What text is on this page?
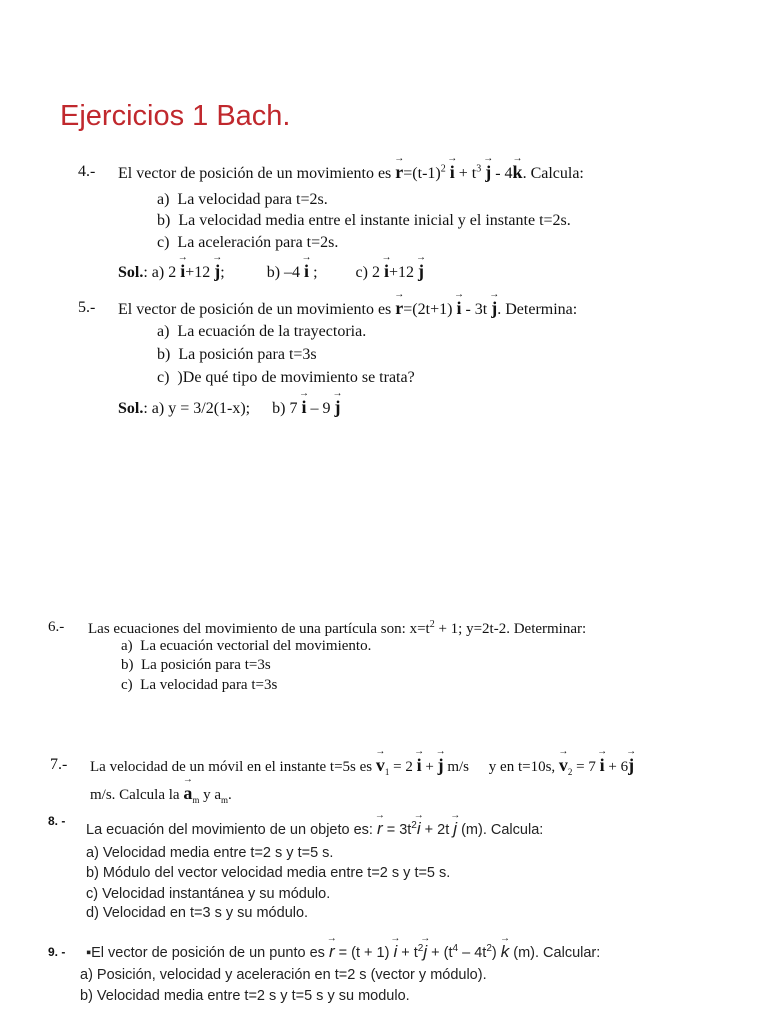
Ejercicios 1 Bach.
4.- El vector de posición de un movimiento es → $r=(t-1)^2 \to i + t^3 \to j - 4\to k$. Calcula:
a)  La velocidad para t=2s.
b)  La velocidad media entre el instante inicial y el instante t=2s.
c)  La aceleración para t=2s.
Sol.: a) 2 → i+12 → j;	b) –4 → i ; c) 2 → i+12 → j
5.- El vector de posición de un movimiento es → r=(2t+1) → i - 3t → j. Determina:
a)  La ecuación de la trayectoria.
b)  La posición para t=3s
c)  )De qué tipo de movimiento se trata?
Sol.: a) y = 3/2(1-x); b) 7 → i – 9 → j
6.- Las ecuaciones del movimiento de una partícula son: $x=t^2 + 1$; y=2t-2. Determinar:
a)  La ecuación vectorial del movimiento.
b)  La posición para t=3s
c)  La velocidad para t=3s
7.- La velocidad de un móvil en el instante t=5s es → $v_1 = 2 \to i$ + → j m/s y en t=10s, → $v_2 = 7 \to i + 6\to j$
m/s. Calcula la → $a_m$ y $a_m$.
8. -
La ecuación del movimiento de un objeto es: → $r = 3t^2\to i + 2t \to j$ (m). Calcula:
a) Velocidad media entre t=2 s y t=5 s.
b) Módulo del vector velocidad media entre t=2 s y t=5 s.
c) Velocidad instantánea y su módulo.
d) Velocidad en t=3 s y su módulo.
9. - ▪El vector de posición de un punto es → $r = (t + 1) \to i + t^2\to j + (t^4 - 4t^2) \to k$ (m). Calcular:
a) Posición, velocidad y aceleración en t=2 s (vector y módulo).
b) Velocidad media entre t=2 s y t=5 s y su modulo.
